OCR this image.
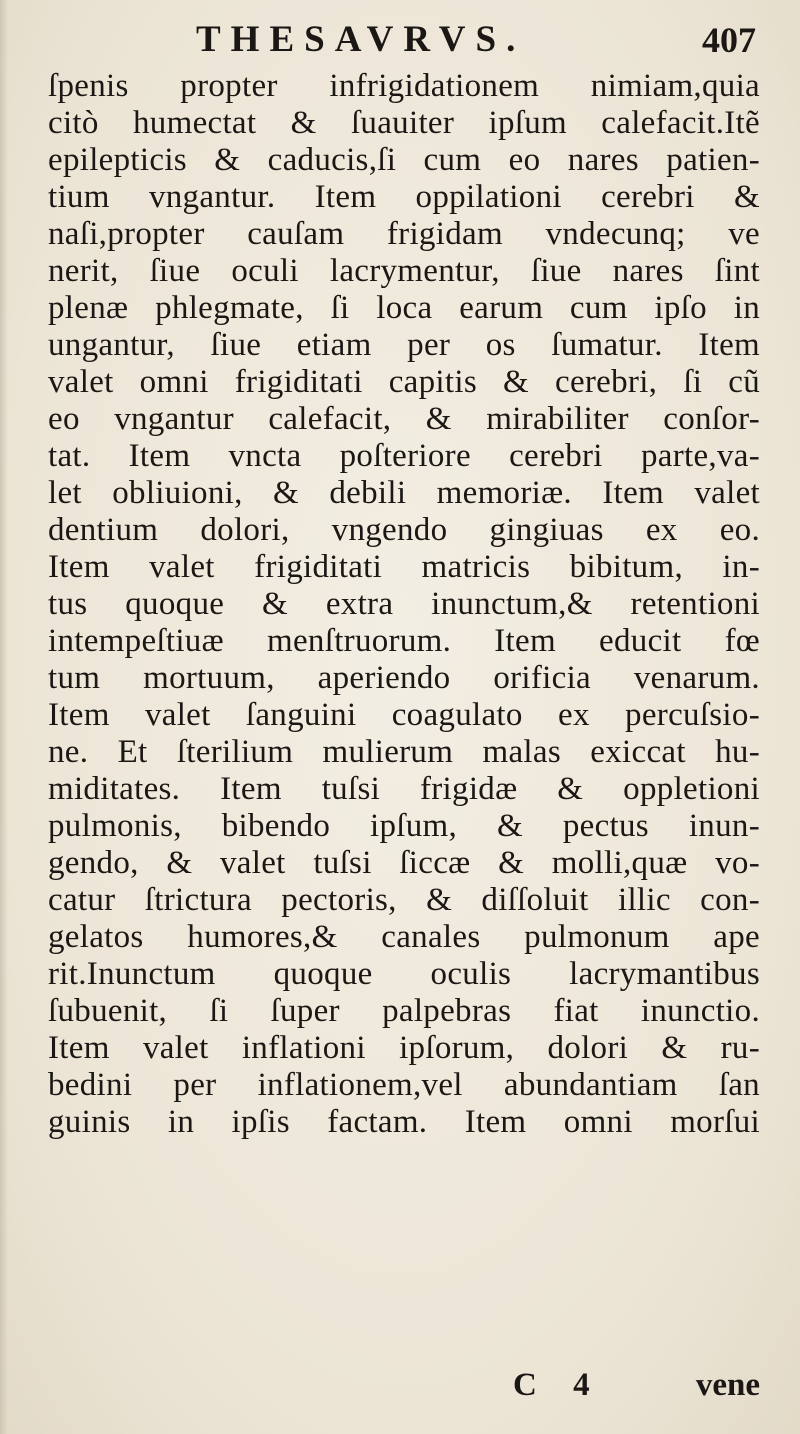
THESAVRVS.	407
ſpenis propter infrigidationem nimiam,quia
citò humectat & ſuauiter ipſum calefacit.Itẽ
epilepticis & caducis,ſi cum eo nares patien-
tium vngantur. Item oppilationi cerebri &
naſi,propter cauſam frigidam vndecunq; ve
nerit, ſiue oculi lacrymentur, ſiue nares ſint
plenæ phlegmate, ſi loca earum cum ipſo in
ungantur, ſiue etiam per os ſumatur. Item
valet omni frigiditati capitis & cerebri, ſi cũ
eo vngantur calefacit, & mirabiliter conſor-
tat. Item vncta poſteriore cerebri parte,va-
let obliuioni, & debili memoriæ. Item valet
dentium dolori, vngendo gingiuas ex eo.
Item valet frigiditati matricis bibitum, in-
tus quoque & extra inunctum,& retentioni
intempeſtiuæ menſtruorum. Item educit fœ
tum mortuum, aperiendo orificia venarum.
Item valet ſanguini coagulato ex percuſsio-
ne. Et ſterilium mulierum malas exiccat hu-
miditates. Item tuſsi frigidæ & oppletioni
pulmonis, bibendo ipſum, & pectus inun-
gendo, & valet tuſsi ſiccæ & molli,quæ vo-
catur ſtrictura pectoris, & diſſoluit illic con-
gelatos humores,& canales pulmonum ape
rit.Inunctum quoque oculis lacrymantibus
ſubuenit, ſi ſuper palpebras fiat inunctio.
Item valet inflationi ipſorum, dolori & ru-
bedini per inflationem,vel abundantiam ſan
guinis in ipſis factam. Item omni morſui
C 4	vene
